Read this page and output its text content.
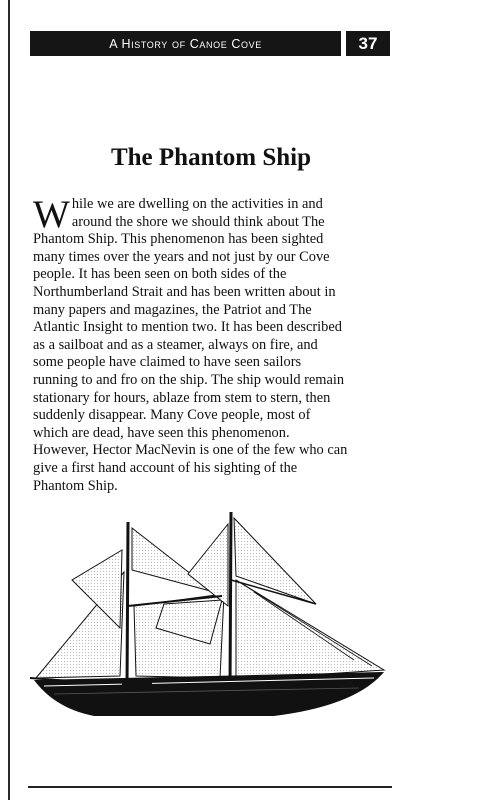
A History of Canoe Cove	37
The Phantom Ship
W hile we are dwelling on the activities in and
around the shore we should think about The
Phantom Ship. This phenomenon has been sighted
many times over the years and not just by our Cove
people. It has been seen on both sides of the
Northumberland Strait and has been written about in
many papers and magazines, the Patriot and The
Atlantic Insight to mention two. It has been described
as a sailboat and as a steamer, always on fire, and
some people have claimed to have seen sailors
running to and fro on the ship. The ship would remain
stationary for hours, ablaze from stem to stern, then
suddenly disappear. Many Cove people, most of
which are dead, have seen this phenomenon.
However, Hector MacNevin is one of the few who can
give a first hand account of his sighting of the
Phantom Ship.
